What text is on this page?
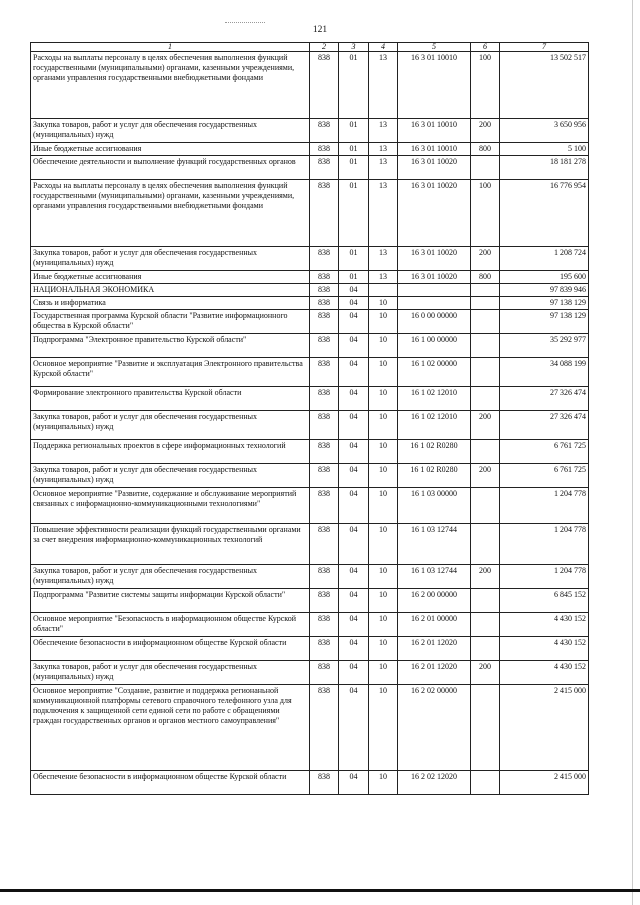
121
1	2	3	4	5	6	7
Расходы на выплаты персоналу в целях обеспечения выполнения функций государственными (муниципальными) органами, казенными учреждениями, органами управления государственными внебюджетными фондами	838	01	13	16 3 01 10010	100	13 502 517
Закупка товаров, работ и услуг для обеспечения государственных (муниципальных) нужд	838	01	13	16 3 01 10010	200	3 650 956
Иные бюджетные ассигнования	838	01	13	16 3 01 10010	800	5 100
Обеспечение деятельности и выполнение функций государственных органов	838	01	13	16 3 01 10020		18 181 278
Расходы на выплаты персоналу в целях обеспечения выполнения функций государственными (муниципальными) органами, казенными учреждениями, органами управления государственными внебюджетными фондами	838	01	13	16 3 01 10020	100	16 776 954
Закупка товаров, работ и услуг для обеспечения государственных (муниципальных) нужд	838	01	13	16 3 01 10020	200	1 208 724
Иные бюджетные ассигнования	838	01	13	16 3 01 10020	800	195 600
НАЦИОНАЛЬНАЯ ЭКОНОМИКА	838	04				97 839 946
Связь и информатика	838	04	10			97 138 129
Государственная программа Курской области "Развитие информационного общества в Курской области"	838	04	10	16 0 00 00000		97 138 129
Подпрограмма "Электронное правительство Курской области"	838	04	10	16 1 00 00000		35 292 977
Основное мероприятие "Развитие и эксплуатация Электронного правительства Курской области"	838	04	10	16 1 02 00000		34 088 199
Формирование электронного правительства Курской области	838	04	10	16 1 02 12010		27 326 474
Закупка товаров, работ и услуг для обеспечения государственных (муниципальных) нужд	838	04	10	16 1 02 12010	200	27 326 474
Поддержка региональных проектов в сфере информационных технологий	838	04	10	16 1 02 R0280		6 761 725
Закупка товаров, работ и услуг для обеспечения государственных (муниципальных) нужд	838	04	10	16 1 02 R0280	200	6 761 725
Основное мероприятие "Развитие, содержание и обслуживание мероприятий связанных с информационно-коммуникационными технологиями"	838	04	10	16 1 03 00000		1 204 778
Повышение эффективности реализации функций государственными органами за счет внедрения информационно-коммуникационных технологий	838	04	10	16 1 03 12744		1 204 778
Закупка товаров, работ и услуг для обеспечения государственных (муниципальных) нужд	838	04	10	16 1 03 12744	200	1 204 778
Подпрограмма "Развитие системы защиты информации Курской области"	838	04	10	16 2 00 00000		6 845 152
Основное мероприятие "Безопасность в информационном обществе Курской области"	838	04	10	16 2 01 00000		4 430 152
Обеспечение безопасности в информационном обществе Курской области	838	04	10	16 2 01 12020		4 430 152
Закупка товаров, работ и услуг для обеспечения государственных (муниципальных) нужд	838	04	10	16 2 01 12020	200	4 430 152
Основное мероприятие "Создание, развитие и поддержка регионаньной коммуникационной платформы сетевого справочного телефонного узла для подключения к защищенной сети единой сети по работе с обращениями граждан государственных органов и органов местного самоуправления"	838	04	10	16 2 02 00000		2 415 000
Обеспечение безопасности в информационном обществе Курской области	838	04	10	16 2 02 12020		2 415 000
